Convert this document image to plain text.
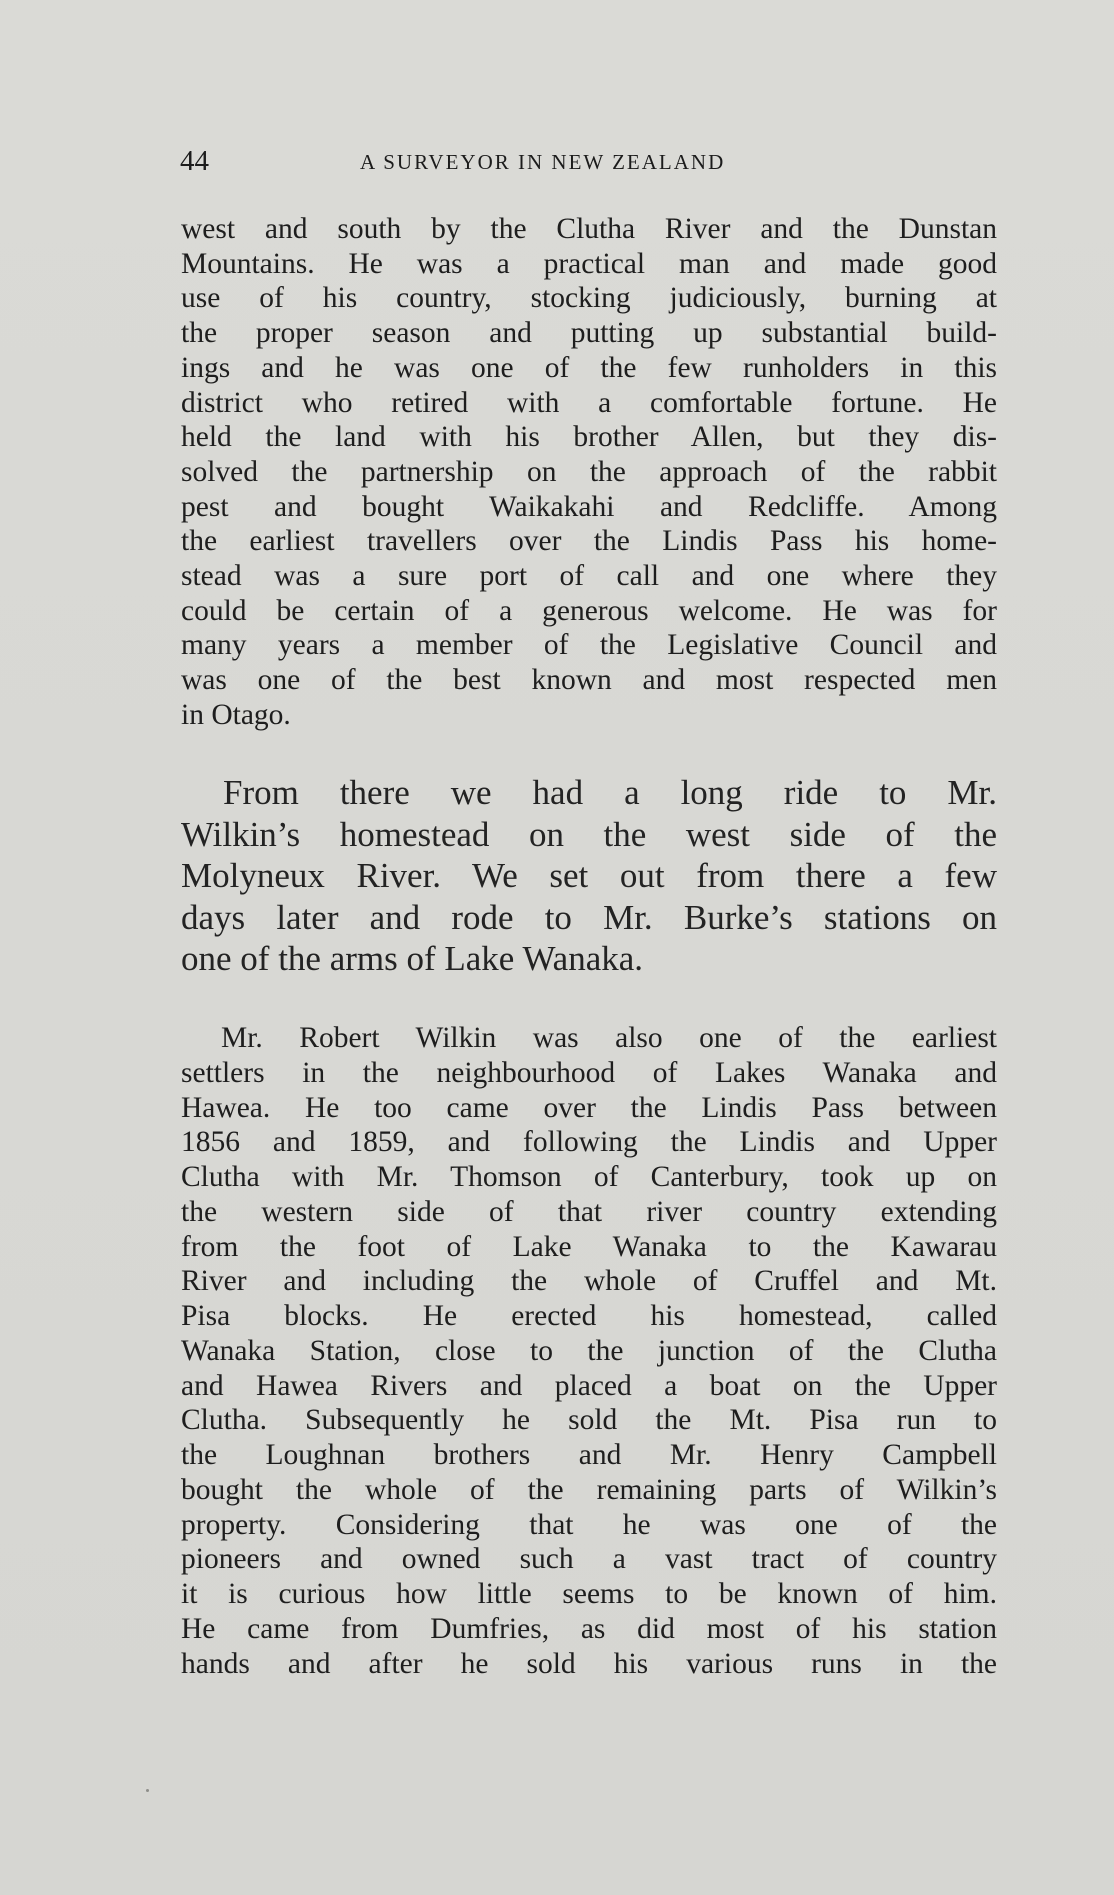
44	A SURVEYOR IN NEW ZEALAND
west and south by the Clutha River and the Dunstan
Mountains. He was a practical man and made good
use of his country, stocking judiciously, burning at
the proper season and putting up substantial build-
ings and he was one of the few runholders in this
district who retired with a comfortable fortune. He
held the land with his brother Allen, but they dis-
solved the partnership on the approach of the rabbit
pest and bought Waikakahi and Redcliffe. Among
the earliest travellers over the Lindis Pass his home-
stead was a sure port of call and one where they
could be certain of a generous welcome. He was for
many years a member of the Legislative Council and
was one of the best known and most respected men
in Otago.
From there we had a long ride to Mr.
Wilkin’s homestead on the west side of the
Molyneux River. We set out from there a few
days later and rode to Mr. Burke’s stations on
one of the arms of Lake Wanaka.
Mr. Robert Wilkin was also one of the earliest
settlers in the neighbourhood of Lakes Wanaka and
Hawea. He too came over the Lindis Pass between
1856 and 1859, and following the Lindis and Upper
Clutha with Mr. Thomson of Canterbury, took up on
the western side of that river country extending
from the foot of Lake Wanaka to the Kawarau
River and including the whole of Cruffel and Mt.
Pisa blocks. He erected his homestead, called
Wanaka Station, close to the junction of the Clutha
and Hawea Rivers and placed a boat on the Upper
Clutha. Subsequently he sold the Mt. Pisa run to
the Loughnan brothers and Mr. Henry Campbell
bought the whole of the remaining parts of Wilkin’s
property. Considering that he was one of the
pioneers and owned such a vast tract of country
it is curious how little seems to be known of him.
He came from Dumfries, as did most of his station
hands and after he sold his various runs in the
